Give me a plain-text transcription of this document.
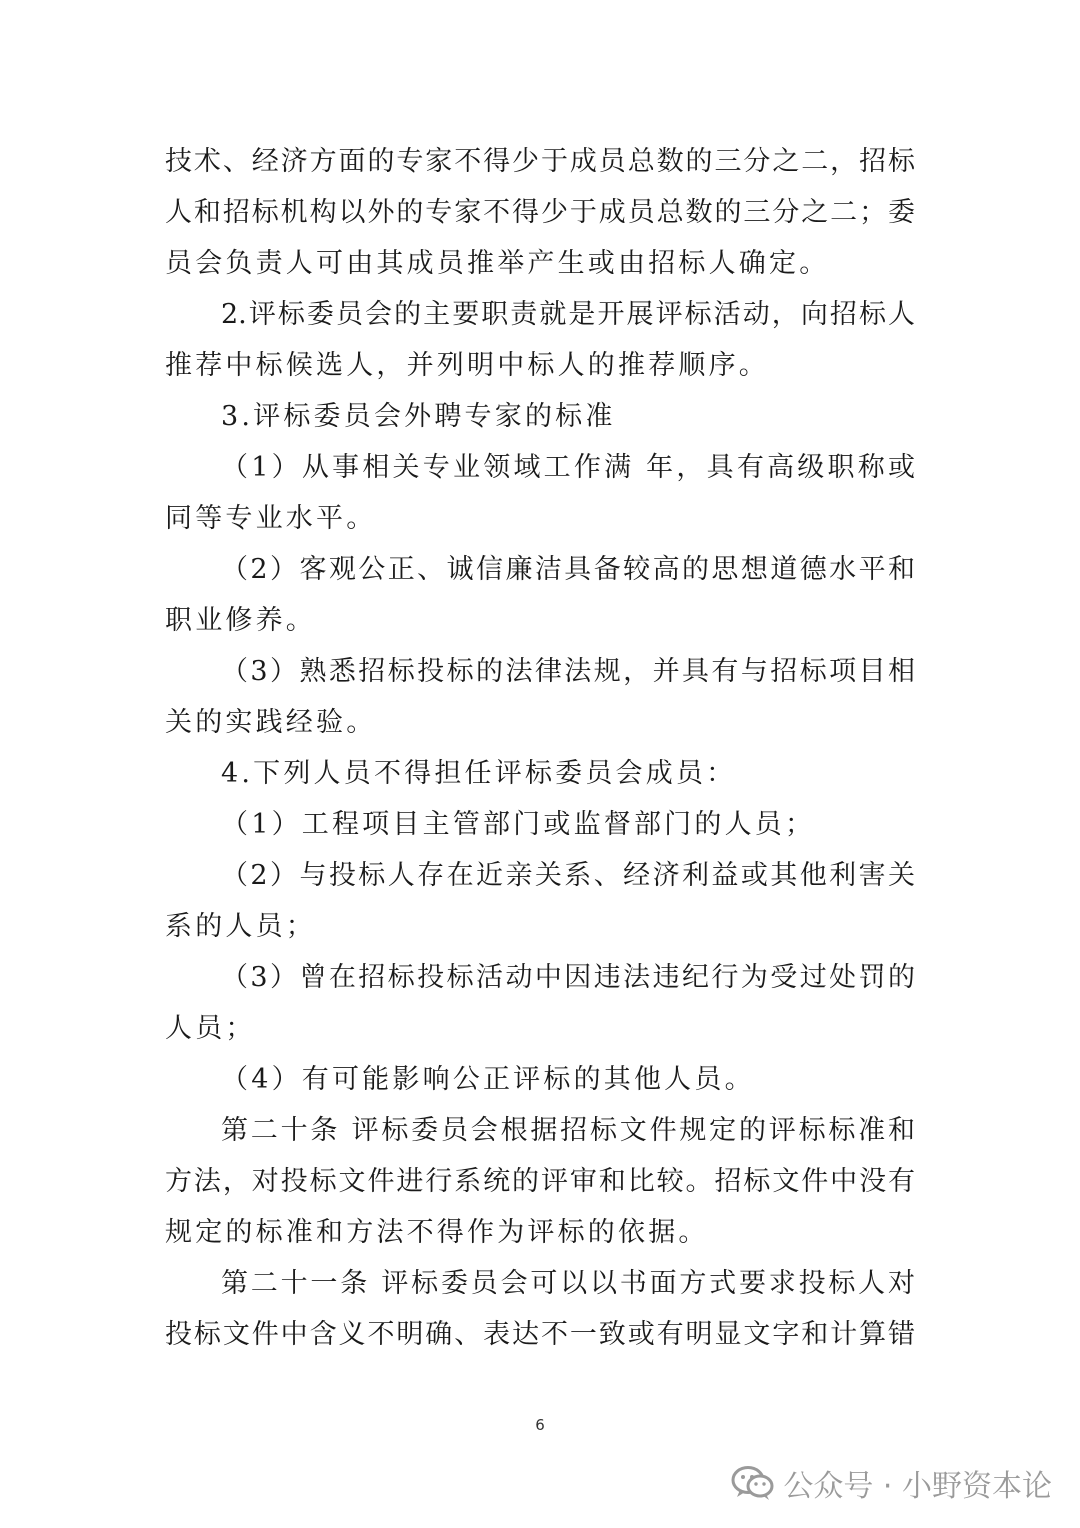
技术、经济方面的专家不得少于成员总数的三分之二，招标
人和招标机构以外的专家不得少于成员总数的三分之二；委
员会负责人可由其成员推举产生或由招标人确定。
2.评标委员会的主要职责就是开展评标活动，向招标人
推荐中标候选人，并列明中标人的推荐顺序。
3.评标委员会外聘专家的标准
（1）从事相关专业领域工作满 年，具有高级职称或
同等专业水平。
（2）客观公正、诚信廉洁具备较高的思想道德水平和
职业修养。
（3）熟悉招标投标的法律法规，并具有与招标项目相
关的实践经验。
4.下列人员不得担任评标委员会成员：
（1）工程项目主管部门或监督部门的人员；
（2）与投标人存在近亲关系、经济利益或其他利害关
系的人员；
（3）曾在招标投标活动中因违法违纪行为受过处罚的
人员；
（4）有可能影响公正评标的其他人员。
第二十条 评标委员会根据招标文件规定的评标标准和
方法，对投标文件进行系统的评审和比较。招标文件中没有
规定的标准和方法不得作为评标的依据。
第二十一条 评标委员会可以以书面方式要求投标人对
投标文件中含义不明确、表达不一致或有明显文字和计算错
6
公众号 · 小野资本论
